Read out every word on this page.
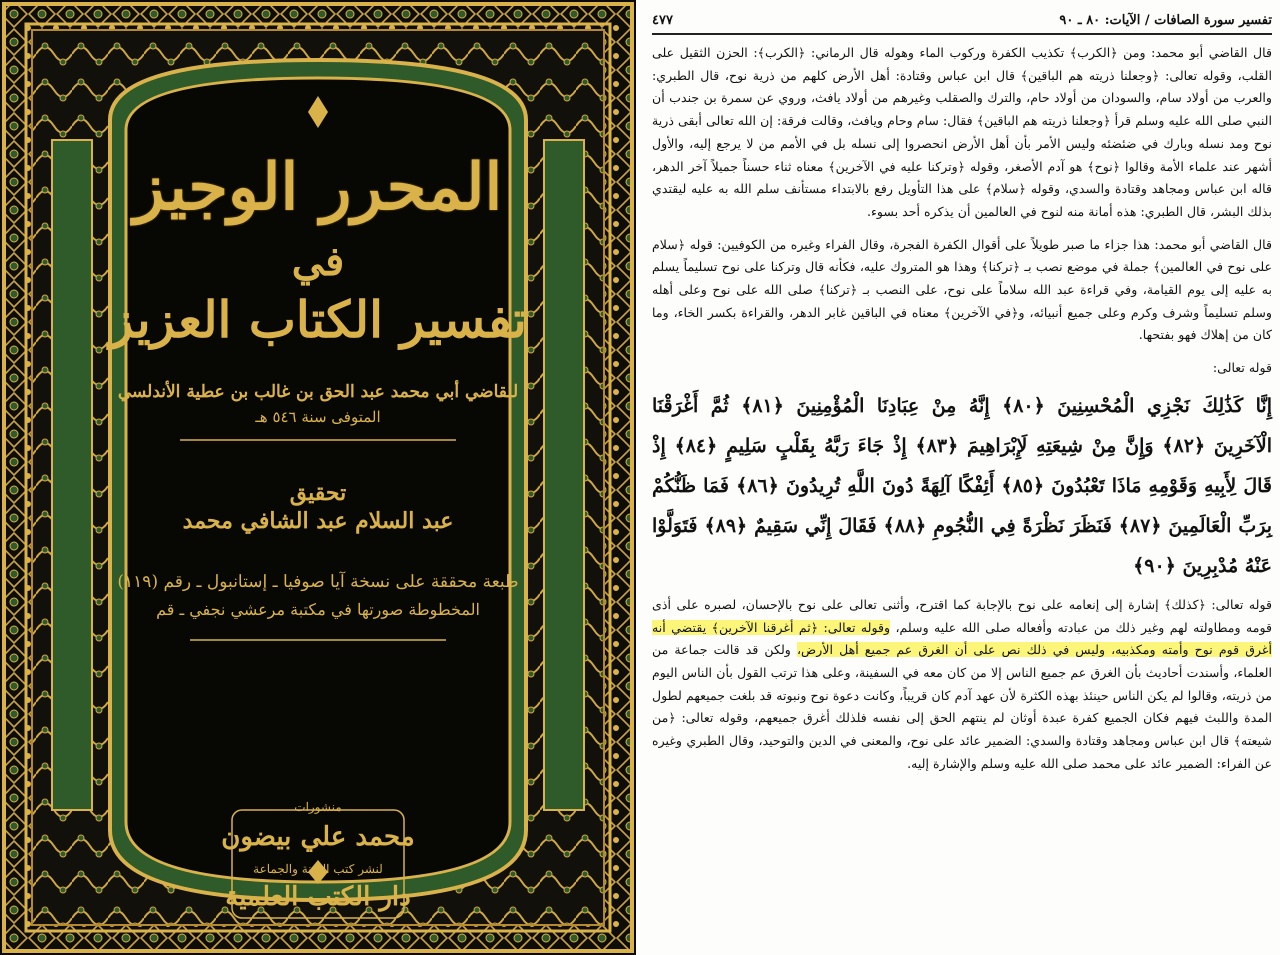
المحرر الوجيز
في
تفسير الكتاب العزيز
للقاضي أبي محمد عبد الحق بن غالب بن عطية الأندلسي
المتوفى سنة ٥٤٦ هـ
تحقيق
عبد السلام عبد الشافي محمد
طبعة محققة على نسخة آيا صوفيا ـ إستانبول ـ رقم (١١٩)
المخطوطة صورتها في مكتبة مرعشي نجفي ـ قم
منشورات
محمد علي بيضون
لنشر كتب السنة والجماعة
دار الكتب العلمية
تفسير سورة الصافات / الآيات: ٨٠ ـ ٩٠
٤٧٧

قال القاضي أبو محمد: ومن ﴿الكرب﴾ تكذيب الكفرة وركوب الماء وهوله قال الرماني: ﴿الكرب﴾: الحزن الثقيل على القلب، وقوله تعالى: ﴿وجعلنا ذريته هم الباقين﴾ قال ابن عباس وقتادة: أهل الأرض كلهم من ذرية نوح، قال الطبري: والعرب من أولاد سام، والسودان من أولاد حام، والترك والصقلب وغيرهم من أولاد يافث، وروي عن سمرة بن جندب أن النبي صلى الله عليه وسلم قرأ ﴿وجعلنا ذريته هم الباقين﴾ فقال: سام وحام ويافث، وقالت فرقة: إن الله تعالى أبقى ذرية نوح ومد نسله وبارك في ضئضئه وليس الأمر بأن أهل الأرض انحصروا إلى نسله بل في الأمم من لا يرجع إليه، والأول أشهر عند علماء الأمة وقالوا ﴿نوح﴾ هو آدم الأصغر، وقوله ﴿وتركنا عليه في الآخرين﴾ معناه ثناء حسناً جميلاً آخر الدهر، قاله ابن عباس ومجاهد وقتادة والسدي، وقوله ﴿سلام﴾ على هذا التأويل رفع بالابتداء مستأنف سلم الله به عليه ليقتدي بذلك البشر، قال الطبري: هذه أمانة منه لنوح في العالمين أن يذكره أحد بسوء.

قال القاضي أبو محمد: هذا جزاء ما صبر طويلاً على أقوال الكفرة الفجرة، وقال الفراء وغيره من الكوفيين: قوله ﴿سلام على نوح في العالمين﴾ جملة في موضع نصب بـ ﴿تركنا﴾ وهذا هو المتروك عليه، فكأنه قال وتركنا على نوح تسليماً يسلم به عليه إلى يوم القيامة، وفي قراءة عبد الله سلاماً على نوح، على النصب بـ ﴿تركنا﴾ صلى الله على نوح وعلى أهله وسلم تسليماً وشرف وكرم وعلى جميع أنبيائه، و﴿في الآخرين﴾ معناه في الباقين غابر الدهر، والقراءة بكسر الخاء، وما كان من إهلاك فهو بفتحها.

قوله تعالى:

إِنَّا كَذَٰلِكَ نَجْزِي الْمُحْسِنِينَ ﴿٨٠﴾ إِنَّهُ مِنْ عِبَادِنَا الْمُؤْمِنِينَ ﴿٨١﴾ ثُمَّ أَغْرَقْنَا الْآخَرِينَ ﴿٨٢﴾ وَإِنَّ مِنْ شِيعَتِهِ لَإِبْرَاهِيمَ ﴿٨٣﴾ إِذْ جَاءَ رَبَّهُ بِقَلْبٍ سَلِيمٍ ﴿٨٤﴾ إِذْ قَالَ لِأَبِيهِ وَقَوْمِهِ مَاذَا تَعْبُدُونَ ﴿٨٥﴾ أَئِفْكًا آلِهَةً دُونَ اللَّهِ تُرِيدُونَ ﴿٨٦﴾ فَمَا ظَنُّكُمْ بِرَبِّ الْعَالَمِينَ ﴿٨٧﴾ فَنَظَرَ نَظْرَةً فِي النُّجُومِ ﴿٨٨﴾ فَقَالَ إِنِّي سَقِيمٌ ﴿٨٩﴾ فَتَوَلَّوْا عَنْهُ مُدْبِرِينَ ﴿٩٠﴾

قوله تعالى: ﴿كذلك﴾ إشارة إلى إنعامه على نوح بالإجابة كما اقترح، وأثنى تعالى على نوح بالإحسان، لصبره على أذى قومه ومطاولته لهم وغير ذلك من عبادته وأفعاله صلى الله عليه وسلم، وقوله تعالى: ﴿ثم أغرقنا الآخرين﴾ يقتضي أنه أغرق قوم نوح وأمته ومكذبيه، وليس في ذلك نص على أن الغرق عم جميع أهل الأرض، ولكن قد قالت جماعة من العلماء، وأسندت أحاديث بأن الغرق عم جميع الناس إلا من كان معه في السفينة، وعلى هذا ترتب القول بأن الناس اليوم من ذريته، وقالوا لم يكن الناس حينئذ بهذه الكثرة لأن عهد آدم كان قريباً، وكانت دعوة نوح ونبوته قد بلغت جميعهم لطول المدة واللبث فيهم فكان الجميع كفرة عبدة أوثان لم ينتهم الحق إلى نفسه فلذلك أغرق جميعهم، وقوله تعالى: ﴿من شيعته﴾ قال ابن عباس ومجاهد وقتادة والسدي: الضمير عائد على نوح، والمعنى في الدين والتوحيد، وقال الطبري وغيره عن الفراء: الضمير عائد على محمد صلى الله عليه وسلم والإشارة إليه.
